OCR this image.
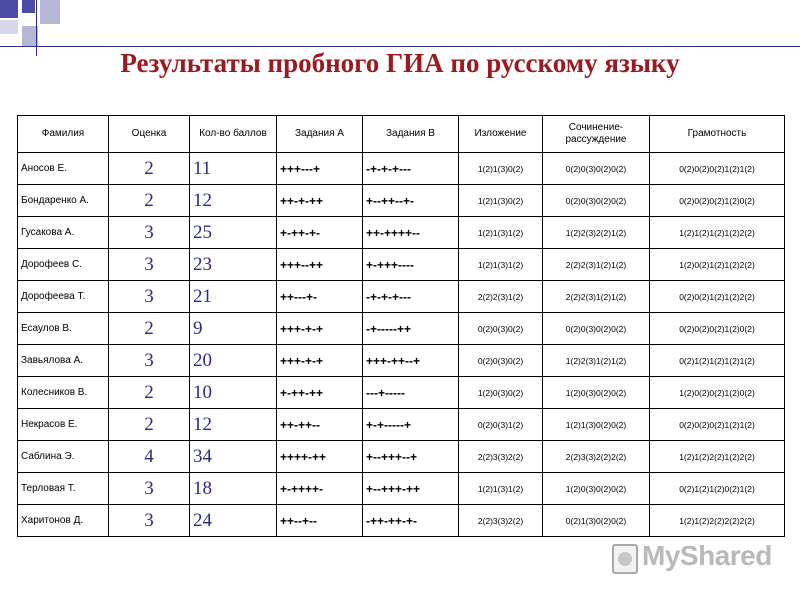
Результаты пробного ГИА по русскому языку
Фамилия	Оценка	Кол-во баллов	Задания А	Задания В	Изложение	Сочинение-рассуждение	Грамотность
Аносов Е.	2	11	+++---+	-+-+-+---	1(2)1(3)0(2)	0(2)0(3)0(2)0(2)	0(2)0(2)0(2)1(2)1(2)
Бондаренко А.	2	12	++-+-++	+--++--+-	1(2)1(3)0(2)	0(2)0(3)0(2)0(2)	0(2)0(2)0(2)1(2)0(2)
Гусакова А.	3	25	+-++-+-	++-++++--	1(2)1(3)1(2)	1(2)2(3)2(2)1(2)	1(2)1(2)1(2)1(2)2(2)
Дорофеев С.	3	23	+++--++	+-+++----	1(2)1(3)1(2)	2(2)2(3)1(2)1(2)	1(2)0(2)1(2)1(2)2(2)
Дорофеева Т.	3	21	++---+-	-+-+-+---	2(2)2(3)1(2)	2(2)2(3)1(2)1(2)	0(2)0(2)1(2)1(2)2(2)
Есаулов В.	2	9	+++-+-+	-+-----++	0(2)0(3)0(2)	0(2)0(3)0(2)0(2)	0(2)0(2)0(2)1(2)0(2)
Завьялова А.	3	20	+++-+-+	+++-++--+	0(2)0(3)0(2)	1(2)2(3)1(2)1(2)	0(2)1(2)1(2)1(2)1(2)
Колесников В.	2	10	+-++-++	---+-----	1(2)0(3)0(2)	1(2)0(3)0(2)0(2)	1(2)0(2)0(2)1(2)0(2)
Некрасов Е.	2	12	++-++--	+-+-----+	0(2)0(3)1(2)	1(2)1(3)0(2)0(2)	0(2)0(2)0(2)1(2)1(2)
Саблина Э.	4	34	++++-++	+--+++--+	2(2)3(3)2(2)	2(2)3(3)2(2)2(2)	1(2)1(2)2(2)1(2)2(2)
Терловая Т.	3	18	+-++++-	+--+++-++	1(2)1(3)1(2)	1(2)0(3)0(2)0(2)	0(2)1(2)1(2)0(2)1(2)
Харитонов Д.	3	24	++--+--	-++-++-+-	2(2)3(3)2(2)	0(2)1(3)0(2)0(2)	1(2)1(2)2(2)2(2)2(2)
MyShared
